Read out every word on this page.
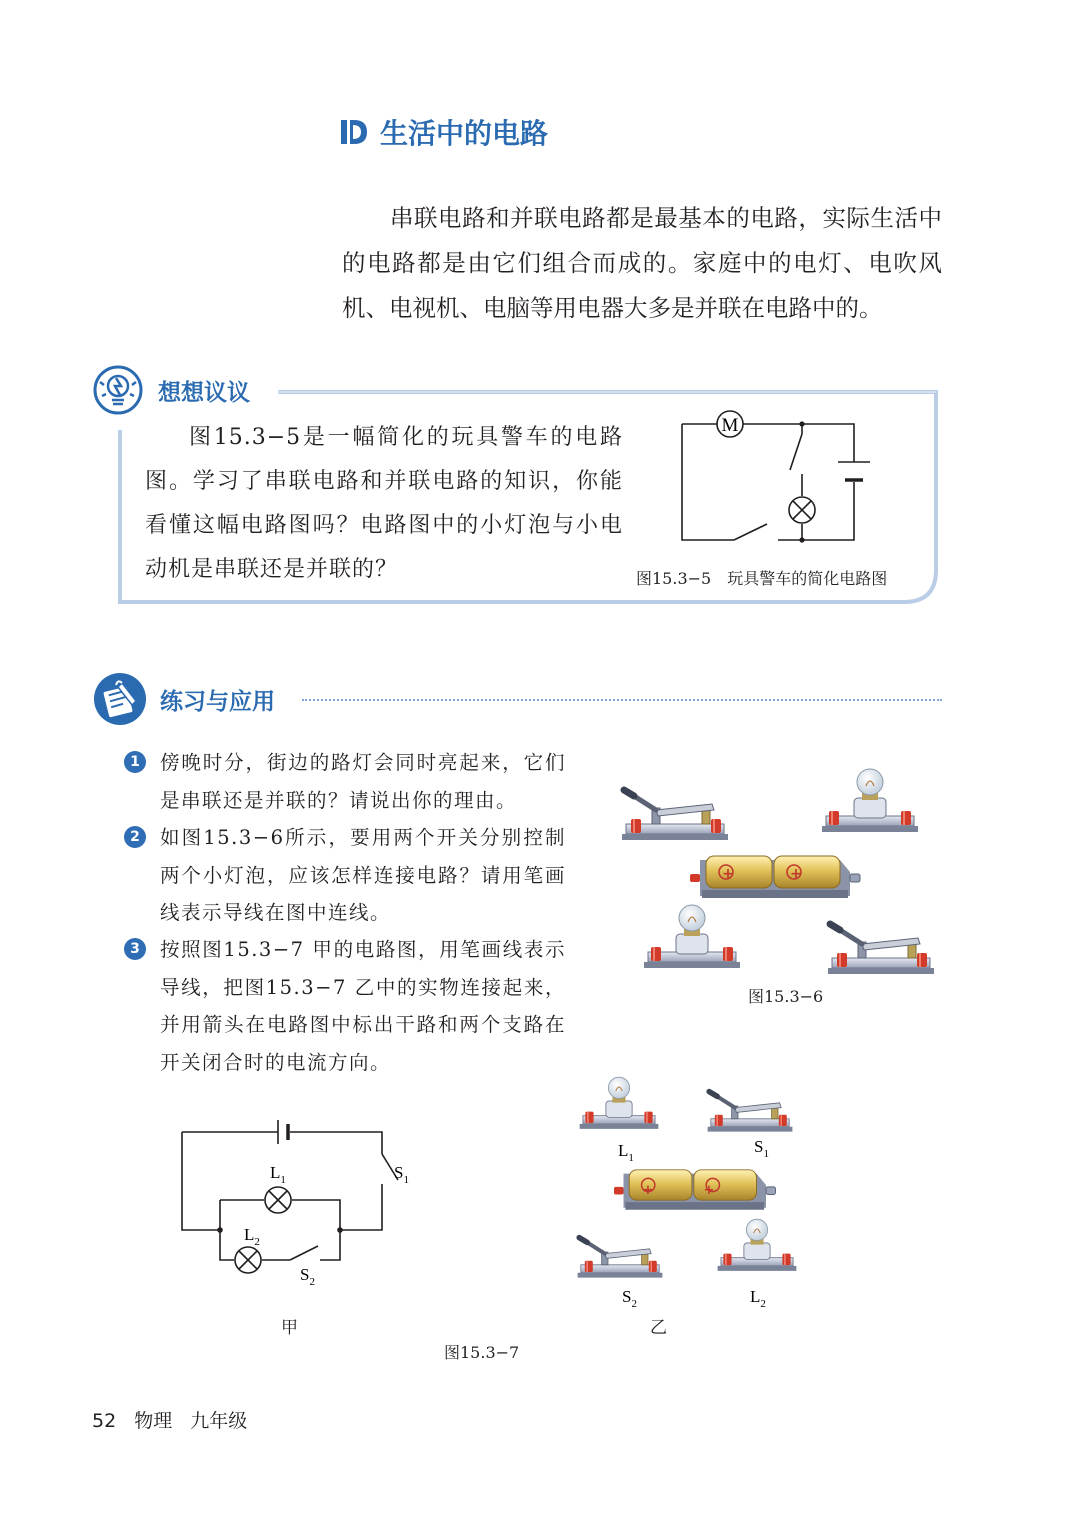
生活中的电路

串联电路和并联电路都是最基本的电路，实际生活中的电路都是由它们组合而成的。家庭中的电灯、电吹风机、电视机、电脑等用电器大多是并联在电路中的。

想想议议

图15.3−5是一幅简化的玩具警车的电路图。学习了串联电路和并联电路的知识，你能看懂这幅电路图吗？电路图中的小灯泡与小电动机是串联还是并联的？

M
图15.3−5　玩具警车的简化电路图
练习与应用
1	傍晚时分，街边的路灯会同时亮起来，它们是串联还是并联的？请说出你的理由。
2	如图15.3−6所示，要用两个开关分别控制两个小灯泡，应该怎样连接电路？请用笔画线表示导线在图中连线。
3	按照图15.3−7 甲的电路图，用笔画线表示导线，把图15.3−7 乙中的实物连接起来，并用箭头在电路图中标出干路和两个支路在开关闭合时的电流方向。
+	+
图15.3−6
$L_1$
$L_2$
$S_1$
$S_2$
+	+
$L_1$
$S_1$
$S_2$	$L_2$
甲	乙
图15.3−7
52 物理 九年级
